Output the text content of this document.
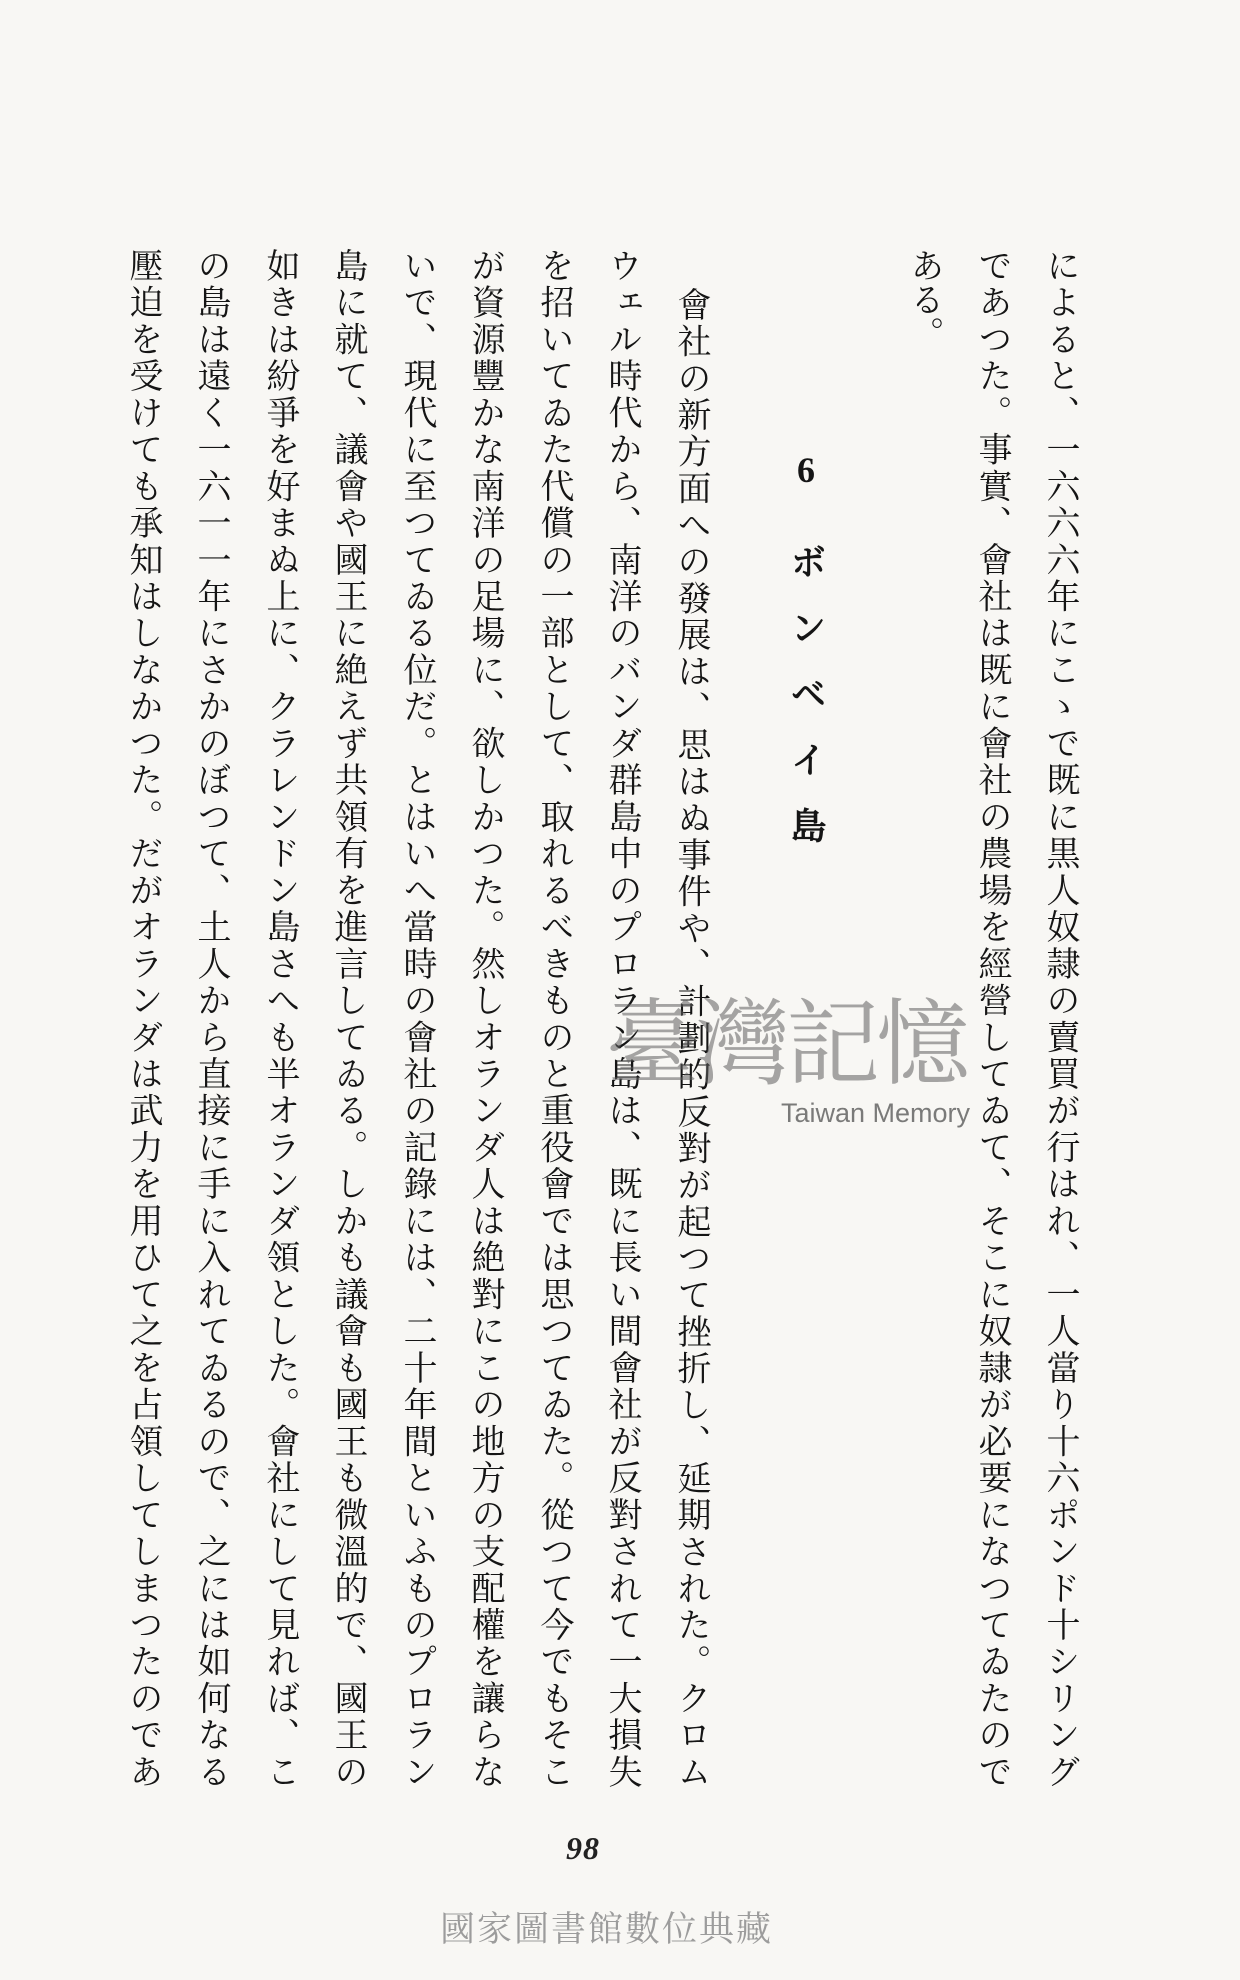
によると、一六六六年にこゝで既に黒人奴隷の賣買が行はれ、一人當り十六ポンド十シリング
であつた。事實、會社は既に會社の農場を經營してゐて、そこに奴隷が必要になつてゐたので
ある。
6
ボンベイ島
會社の新方面への發展は、思はぬ事件や、計劃的反對が起つて挫折し、延期された。クロム
ウェル時代から、南洋のバンダ群島中のプロラン島は、既に長い間會社が反對されて一大損失
を招いてゐた代償の一部として、取れるべきものと重役會では思つてゐた。從つて今でもそこ
が資源豐かな南洋の足場に、欲しかつた。然しオランダ人は絶對にこの地方の支配權を讓らな
いで、現代に至つてゐる位だ。とはいへ當時の會社の記錄には、二十年間といふものプロラン
島に就て、議會や國王に絶えず共領有を進言してゐる。しかも議會も國王も微溫的で、國王の
如きは紛爭を好まぬ上に、クラレンドン島さへも半オランダ領とした。會社にして見れば、こ
の島は遠く一六一一年にさかのぼつて、土人から直接に手に入れてゐるので、之には如何なる
壓迫を受けても承知はしなかつた。だがオランダは武力を用ひて之を占領してしまつたのであ	臺灣記憶
Taiwan Memory
98
國家圖書館數位典藏
